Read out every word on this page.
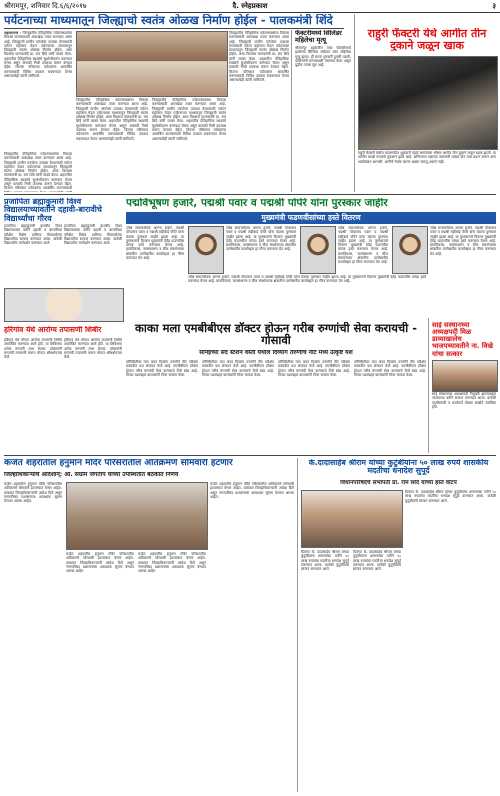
श्रीरामपूर, शनिवार दि.६/६/२०१७	दै. स्नेहप्रकाश	३
पर्यटनाच्या माध्यमातून जिल्ह्याचो स्वतंत्र ओळख निर्माण होईल - पालकमंत्री शिंदे
अहमदनगर - जिल्ह्यातील ऐतिहासिक पर्यटनस्थळांचा विकास करण्यासाठी आराखडा तयार करण्यात आला आहे. जिल्ह्याची प्राचीन परंपरेला उजाळा देण्यासाठी पर्यटन महोत्सव घेऊन पर्यटनाच्या माध्यमातून जिल्ह्याची स्वतंत्र ओळख निर्माण होईल, असा विश्वास पालकमंत्री प्रा. राम शिंदे यांनी व्यक्त केला. शहरातील ऐतिहासिक स्थळांचे सुशोभीकरण करण्यात येणार असून यासाठी निधी उपलब्ध करून देण्यात येईल. किल्ला परिसरात पर्यटकांना आकर्षित करण्यासाठी विविध उपक्रम राबवण्यात येणार असल्याचेही त्यांनी सांगितले.
जिल्ह्यातील ऐतिहासिक पर्यटनस्थळांचा विकास करण्यासाठी आराखडा तयार करण्यात आला आहे. जिल्ह्याची प्राचीन परंपरेला उजाळा देण्यासाठी पर्यटन महोत्सव घेऊन पर्यटनाच्या माध्यमातून जिल्ह्याची स्वतंत्र ओळख निर्माण होईल, असा विश्वास पालकमंत्री प्रा. राम शिंदे यांनी व्यक्त केला. शहरातील ऐतिहासिक स्थळांचे सुशोभीकरण करण्यात येणार असून यासाठी निधी उपलब्ध करून देण्यात येईल. किल्ला परिसरात पर्यटकांना आकर्षित करण्यासाठी विविध उपक्रम राबवण्यात येणार असल्याचेही त्यांनी सांगितले.
जिल्ह्यातील ऐतिहासिक पर्यटनस्थळांचा विकास करण्यासाठी आराखडा तयार करण्यात आला आहे. जिल्ह्याची प्राचीन परंपरेला उजाळा देण्यासाठी पर्यटन महोत्सव घेऊन पर्यटनाच्या माध्यमातून जिल्ह्याची स्वतंत्र ओळख निर्माण होईल, असा विश्वास पालकमंत्री प्रा. राम शिंदे यांनी व्यक्त केला. शहरातील ऐतिहासिक स्थळांचे सुशोभीकरण करण्यात येणार असून यासाठी निधी उपलब्ध करून देण्यात येईल. किल्ला परिसरात पर्यटकांना आकर्षित करण्यासाठी विविध उपक्रम राबवण्यात येणार असल्याचेही त्यांनी सांगितले.
जिल्ह्यातील ऐतिहासिक पर्यटनस्थळांचा विकास करण्यासाठी आराखडा तयार करण्यात आला आहे. जिल्ह्याची प्राचीन परंपरेला उजाळा देण्यासाठी पर्यटन महोत्सव घेऊन पर्यटनाच्या माध्यमातून जिल्ह्याची स्वतंत्र ओळख निर्माण होईल, असा विश्वास पालकमंत्री प्रा. राम शिंदे यांनी व्यक्त केला. शहरातील ऐतिहासिक स्थळांचे सुशोभीकरण करण्यात येणार असून यासाठी निधी उपलब्ध करून देण्यात येईल. किल्ला परिसरात पर्यटकांना आकर्षित करण्यासाठी विविध उपक्रम राबवण्यात येणार असल्याचेही त्यांनी सांगितले.
जिल्ह्यातील ऐतिहासिक पर्यटनस्थळांचा विकास करण्यासाठी आराखडा तयार करण्यात आला आहे. जिल्ह्याची प्राचीन परंपरेला उजाळा देण्यासाठी पर्यटन महोत्सव घेऊन पर्यटनाच्या माध्यमातून जिल्ह्याची स्वतंत्र ओळख निर्माण होईल, असा विश्वास पालकमंत्री प्रा. राम शिंदे यांनी व्यक्त केला. शहरातील ऐतिहासिक स्थळांचे सुशोभीकरण करण्यात येणार असून यासाठी निधी उपलब्ध करून देण्यात येईल. किल्ला परिसरात पर्यटकांना आकर्षित करण्यासाठी
फॅक्टरीमध्ये सिलिंडर महिलेचा मृत्यू
श्रीरामपूर शहरातील एका फॅक्टरीमध्ये झालेल्या सिलिंडर स्फोटात एका महिलेचा मृत्यू झाला. ही घटना गुरुवारी दुपारी घडली. पोलिसांनी घटनास्थळी पंचनामा केला असून पुढील तपास सुरु आहे.
राहुरी फॅक्टरी येथे आगीत तीन दुकाने जळून खाक
राहुरी फॅक्टरी येथील बाजारपेठेत शुक्रवारी पहाटे लागलेल्या भीषण आगीत तीन दुकाने जळून खाक झाली. या आगीत लाखो रुपयांचे नुकसान झाले आहे. अग्निशमन दलाच्या जवानांनी तब्बल दोन तास प्रयत्न करून आग आटोक्यात आणली. आगीचे नेमके कारण अद्याप समजू शकले नाही.
प्रजापिता ब्रह्माकुमारी विश्व विद्यालयाच्यावतीने दहावी-बारावीचे विद्यार्थ्यांचा गौरव
प्रजापिता ब्रह्माकुमारी ईश्वरीय विश्व विद्यालयाच्या वतीने दहावी व बारावीच्या परीक्षेत विशेष प्राविण्य मिळवलेल्या विद्यार्थ्यांचा सत्कार करण्यात आला. यावेळी विद्यार्थ्यांना मार्गदर्शन करण्यात आले.
प्रजापिता ब्रह्माकुमारी ईश्वरीय विश्व विद्यालयाच्या वतीने दहावी व बारावीच्या परीक्षेत विशेष प्राविण्य मिळवलेल्या विद्यार्थ्यांचा सत्कार करण्यात आला. यावेळी विद्यार्थ्यांना मार्गदर्शन करण्यात आले.
पद्मविभूषण हजारे, पद्मश्री पवार व पद्मश्री पोपेरे यांना पुरस्कार जाहीर
मुख्यमंत्री फडणवीसांच्या हस्ते वितरण
ज्येष्ठ समाजसेवक अण्णा हजारे, पद्मश्री पोपटराव पवार व पद्मश्री राहीबाई पोपेरे यांना यंदाचा पुरस्कार जाहीर झाला आहे. या पुरस्काराचे वितरण मुख्यमंत्री देवेंद्र फडणवीस यांच्या हस्ते करण्यात येणार आहे. ग्रामविकास, जलसंधारण व बीज संवर्धनाच्या क्षेत्रातील उल्लेखनीय कार्याबद्दल हा गौरव करण्यात येत आहे.
ज्येष्ठ समाजसेवक अण्णा हजारे, पद्मश्री पोपटराव पवार व पद्मश्री राहीबाई पोपेरे यांना यंदाचा पुरस्कार जाहीर झाला आहे. या पुरस्काराचे वितरण मुख्यमंत्री देवेंद्र फडणवीस यांच्या हस्ते करण्यात येणार आहे. ग्रामविकास, जलसंधारण व बीज संवर्धनाच्या क्षेत्रातील उल्लेखनीय कार्याबद्दल हा गौरव करण्यात येत आहे.
ज्येष्ठ समाजसेवक अण्णा हजारे, पद्मश्री पोपटराव पवार व पद्मश्री राहीबाई पोपेरे यांना यंदाचा पुरस्कार जाहीर झाला आहे. या पुरस्काराचे वितरण मुख्यमंत्री देवेंद्र फडणवीस यांच्या हस्ते करण्यात येणार आहे. ग्रामविकास, जलसंधारण व बीज संवर्धनाच्या क्षेत्रातील उल्लेखनीय कार्याबद्दल हा गौरव करण्यात येत आहे.
ज्येष्ठ समाजसेवक अण्णा हजारे, पद्मश्री पोपटराव पवार व पद्मश्री राहीबाई पोपेरे यांना यंदाचा पुरस्कार जाहीर झाला आहे. या पुरस्काराचे वितरण मुख्यमंत्री देवेंद्र फडणवीस यांच्या हस्ते करण्यात येणार आहे. ग्रामविकास, जलसंधारण व बीज संवर्धनाच्या क्षेत्रातील उल्लेखनीय कार्याबद्दल हा गौरव करण्यात येत आहे.
ज्येष्ठ समाजसेवक अण्णा हजारे, पद्मश्री पोपटराव पवार व पद्मश्री राहीबाई पोपेरे यांना यंदाचा पुरस्कार जाहीर झाला आहे. या पुरस्काराचे वितरण मुख्यमंत्री देवेंद्र फडणवीस यांच्या हस्ते करण्यात येणार आहे. ग्रामविकास, जलसंधारण व बीज संवर्धनाच्या क्षेत्रातील उल्लेखनीय कार्याबद्दल हा गौरव करण्यात येत आहे.
हरिगांव येथे आरोग्य तपासणी शिबीर
हरिगाव येथे मोफत आरोग्य तपासणी शिबीर आयोजित करण्यात आले होते. या शिबिराचा अनेक रुग्णांनी लाभ घेतला. डॉक्टरांनी रुग्णांची तपासणी करून मोफत औषधोपचार केले.
हरिगाव येथे मोफत आरोग्य तपासणी शिबीर आयोजित करण्यात आले होते. या शिबिराचा अनेक रुग्णांनी लाभ घेतला. डॉक्टरांनी रुग्णांची तपासणी करून मोफत औषधोपचार केले.
काका मला एमबीबीएस डॉक्टर होऊन गरीब रुग्णांची सेवा करायची - गोसावी
सोनईच्या सद स्टेशन वस्ती येथील दिव्यांग तरुणीचे नीट मध्ये उत्कृष्ट यश
परिस्थितीवर मात करत दिव्यांग तरुणीने नीट परीक्षेत घवघवीत यश संपादन केले आहे. एमबीबीएस डॉक्टर होऊन गरीब रुग्णांची सेवा करण्याचे तिचे स्वप्न आहे. तिच्या यशाबद्दल ग्रामस्थांनी तिचा सत्कार केला.
परिस्थितीवर मात करत दिव्यांग तरुणीने नीट परीक्षेत घवघवीत यश संपादन केले आहे. एमबीबीएस डॉक्टर होऊन गरीब रुग्णांची सेवा करण्याचे तिचे स्वप्न आहे. तिच्या यशाबद्दल ग्रामस्थांनी तिचा सत्कार केला.
परिस्थितीवर मात करत दिव्यांग तरुणीने नीट परीक्षेत घवघवीत यश संपादन केले आहे. एमबीबीएस डॉक्टर होऊन गरीब रुग्णांची सेवा करण्याचे तिचे स्वप्न आहे. तिच्या यशाबद्दल ग्रामस्थांनी तिचा सत्कार केला.
परिस्थितीवर मात करत दिव्यांग तरुणीने नीट परीक्षेत घवघवीत यश संपादन केले आहे. एमबीबीएस डॉक्टर होऊन गरीब रुग्णांची सेवा करण्याचे तिचे स्वप्न आहे. तिच्या यशाबद्दल ग्रामस्थांनी तिचा सत्कार केला.
साई संस्थानच्या अध्यक्षपदी मिळ डाव्याखालेच भाजपच्यावतीने ना. विखे यांचा सत्कार
साई संस्थानच्या अध्यक्षपदी नियुक्ती झाल्याबद्दल भाजपच्या वतीने सत्कार करण्यात आला. यावेळी पदाधिकारी व कार्यकर्ते मोठ्या संख्येने उपस्थित होते.
कर्जत शहरातील हनुमान मंदिर परिसरातील अतिक्रमणे सोमवारी हटणार
जिल्हाधिकाऱ्यांचे आदेशान्: आ. संग्राम जगताप यांच्या उपस्थितीत बैठकीत निर्णय
कर्जत शहरातील हनुमान मंदिर परिसरातील अतिक्रमणे सोमवारी हटवण्यात येणार आहेत. याबाबत जिल्हाधिकाऱ्यांनी आदेश दिले असून नगरपरिषद प्रशासनाला आवश्यक सूचना देण्यात आल्या आहेत.
कर्जत शहरातील हनुमान मंदिर परिसरातील अतिक्रमणे सोमवारी हटवण्यात येणार आहेत. याबाबत जिल्हाधिकाऱ्यांनी आदेश दिले असून नगरपरिषद प्रशासनाला आवश्यक सूचना देण्यात आल्या आहेत.
कर्जत शहरातील हनुमान मंदिर परिसरातील अतिक्रमणे सोमवारी हटवण्यात येणार आहेत. याबाबत जिल्हाधिकाऱ्यांनी आदेश दिले असून नगरपरिषद प्रशासनाला आवश्यक सूचना देण्यात आल्या आहेत.
कर्जत शहरातील हनुमान मंदिर परिसरातील अतिक्रमणे सोमवारी हटवण्यात येणार आहेत. याबाबत जिल्हाधिकाऱ्यांनी आदेश दिले असून नगरपरिषद प्रशासनाला आवश्यक सूचना देण्यात आल्या आहेत.
के.दादासाहेब श्रीराम यांच्या कुटुंबीयांना ५० लाख रुपये शासकीय मदतीचा धनादेश सुपूर्द
विधानपरिषदेचे सभापती प्रा. राम शिंदे यांच्या हस्ते वाटप
दिवंगत के. दादासाहेब श्रीराम यांच्या कुटुंबीयांना शासनाच्या वतीने ५० लाख रुपयांचा मदतीचा धनादेश सुपूर्द करण्यात आला. यावेळी कुटुंबीयांचे सांत्वन करण्यात आले.
दिवंगत के. दादासाहेब श्रीराम यांच्या कुटुंबीयांना शासनाच्या वतीने ५० लाख रुपयांचा मदतीचा धनादेश सुपूर्द करण्यात आला. यावेळी कुटुंबीयांचे सांत्वन करण्यात आले.
दिवंगत के. दादासाहेब श्रीराम यांच्या कुटुंबीयांना शासनाच्या वतीने ५० लाख रुपयांचा मदतीचा धनादेश सुपूर्द करण्यात आला. यावेळी कुटुंबीयांचे सांत्वन करण्यात आले.
